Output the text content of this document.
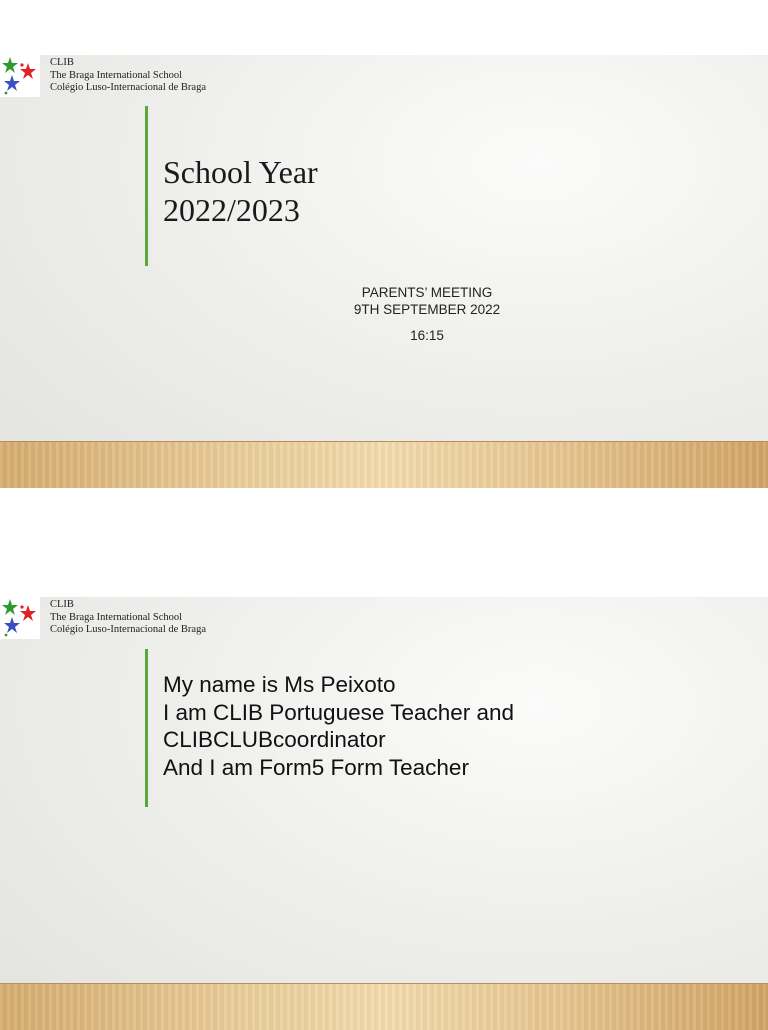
CLIB
The Braga International School
Colégio Luso-Internacional de Braga
School Year
2022/2023
PARENTS’ MEETING
9TH SEPTEMBER 2022
16:15
CLIB
The Braga International School
Colégio Luso-Internacional de Braga
My name is Ms Peixoto
I am CLIB Portuguese Teacher and
CLIBCLUBcoordinator
And I am Form5 Form Teacher
